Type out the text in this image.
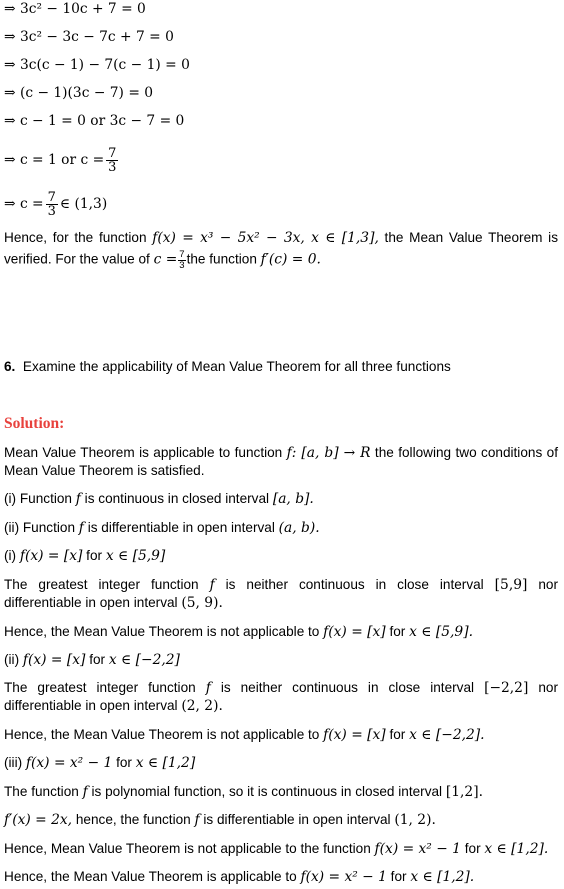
⇒ 3c² − 10c + 7 = 0
⇒ 3c² − 3c − 7c + 7 = 0
⇒ 3c(c − 1) − 7(c − 1) = 0
⇒ (c − 1)(3c − 7) = 0
⇒ c − 1 = 0 or 3c − 7 = 0
⇒ c = 1 or $c = \frac{7}{3}$
⇒ $c = \frac{7}{3}$ ∈ (1,3)
Hence, for the function f(x) = x³ − 5x² − 3x, x ∈ [1,3], the Mean Value Theorem is
verified. For the value of $c = \frac{7}{3}$ the function f′(c) = 0.
6. Examine the applicability of Mean Value Theorem for all three functions
Solution:
Mean Value Theorem is applicable to function f: [a, b] → R the following two conditions of
Mean Value Theorem is satisfied.
(i) Function f is continuous in closed interval [a, b].
(ii) Function f is differentiable in open interval (a, b).
(i) f(x) = [x] for x ∈ [5,9]
The greatest integer function f is neither continuous in close interval [5,9] nor
differentiable in open interval (5, 9).
Hence, the Mean Value Theorem is not applicable to f(x) = [x] for x ∈ [5,9].
(ii) f(x) = [x] for x ∈ [−2,2]
The greatest integer function f is neither continuous in close interval [−2,2] nor
differentiable in open interval (2, 2).
Hence, the Mean Value Theorem is not applicable to f(x) = [x] for x ∈ [−2,2].
(iii) f(x) = x² − 1 for x ∈ [1,2]
The function f is polynomial function, so it is continuous in closed interval [1,2].
f′(x) = 2x, hence, the function f is differentiable in open interval (1, 2).
Hence, Mean Value Theorem is not applicable to the function f(x) = x² − 1 for x ∈ [1,2].
Hence, the Mean Value Theorem is applicable to f(x) = x² − 1 for x ∈ [1,2].
